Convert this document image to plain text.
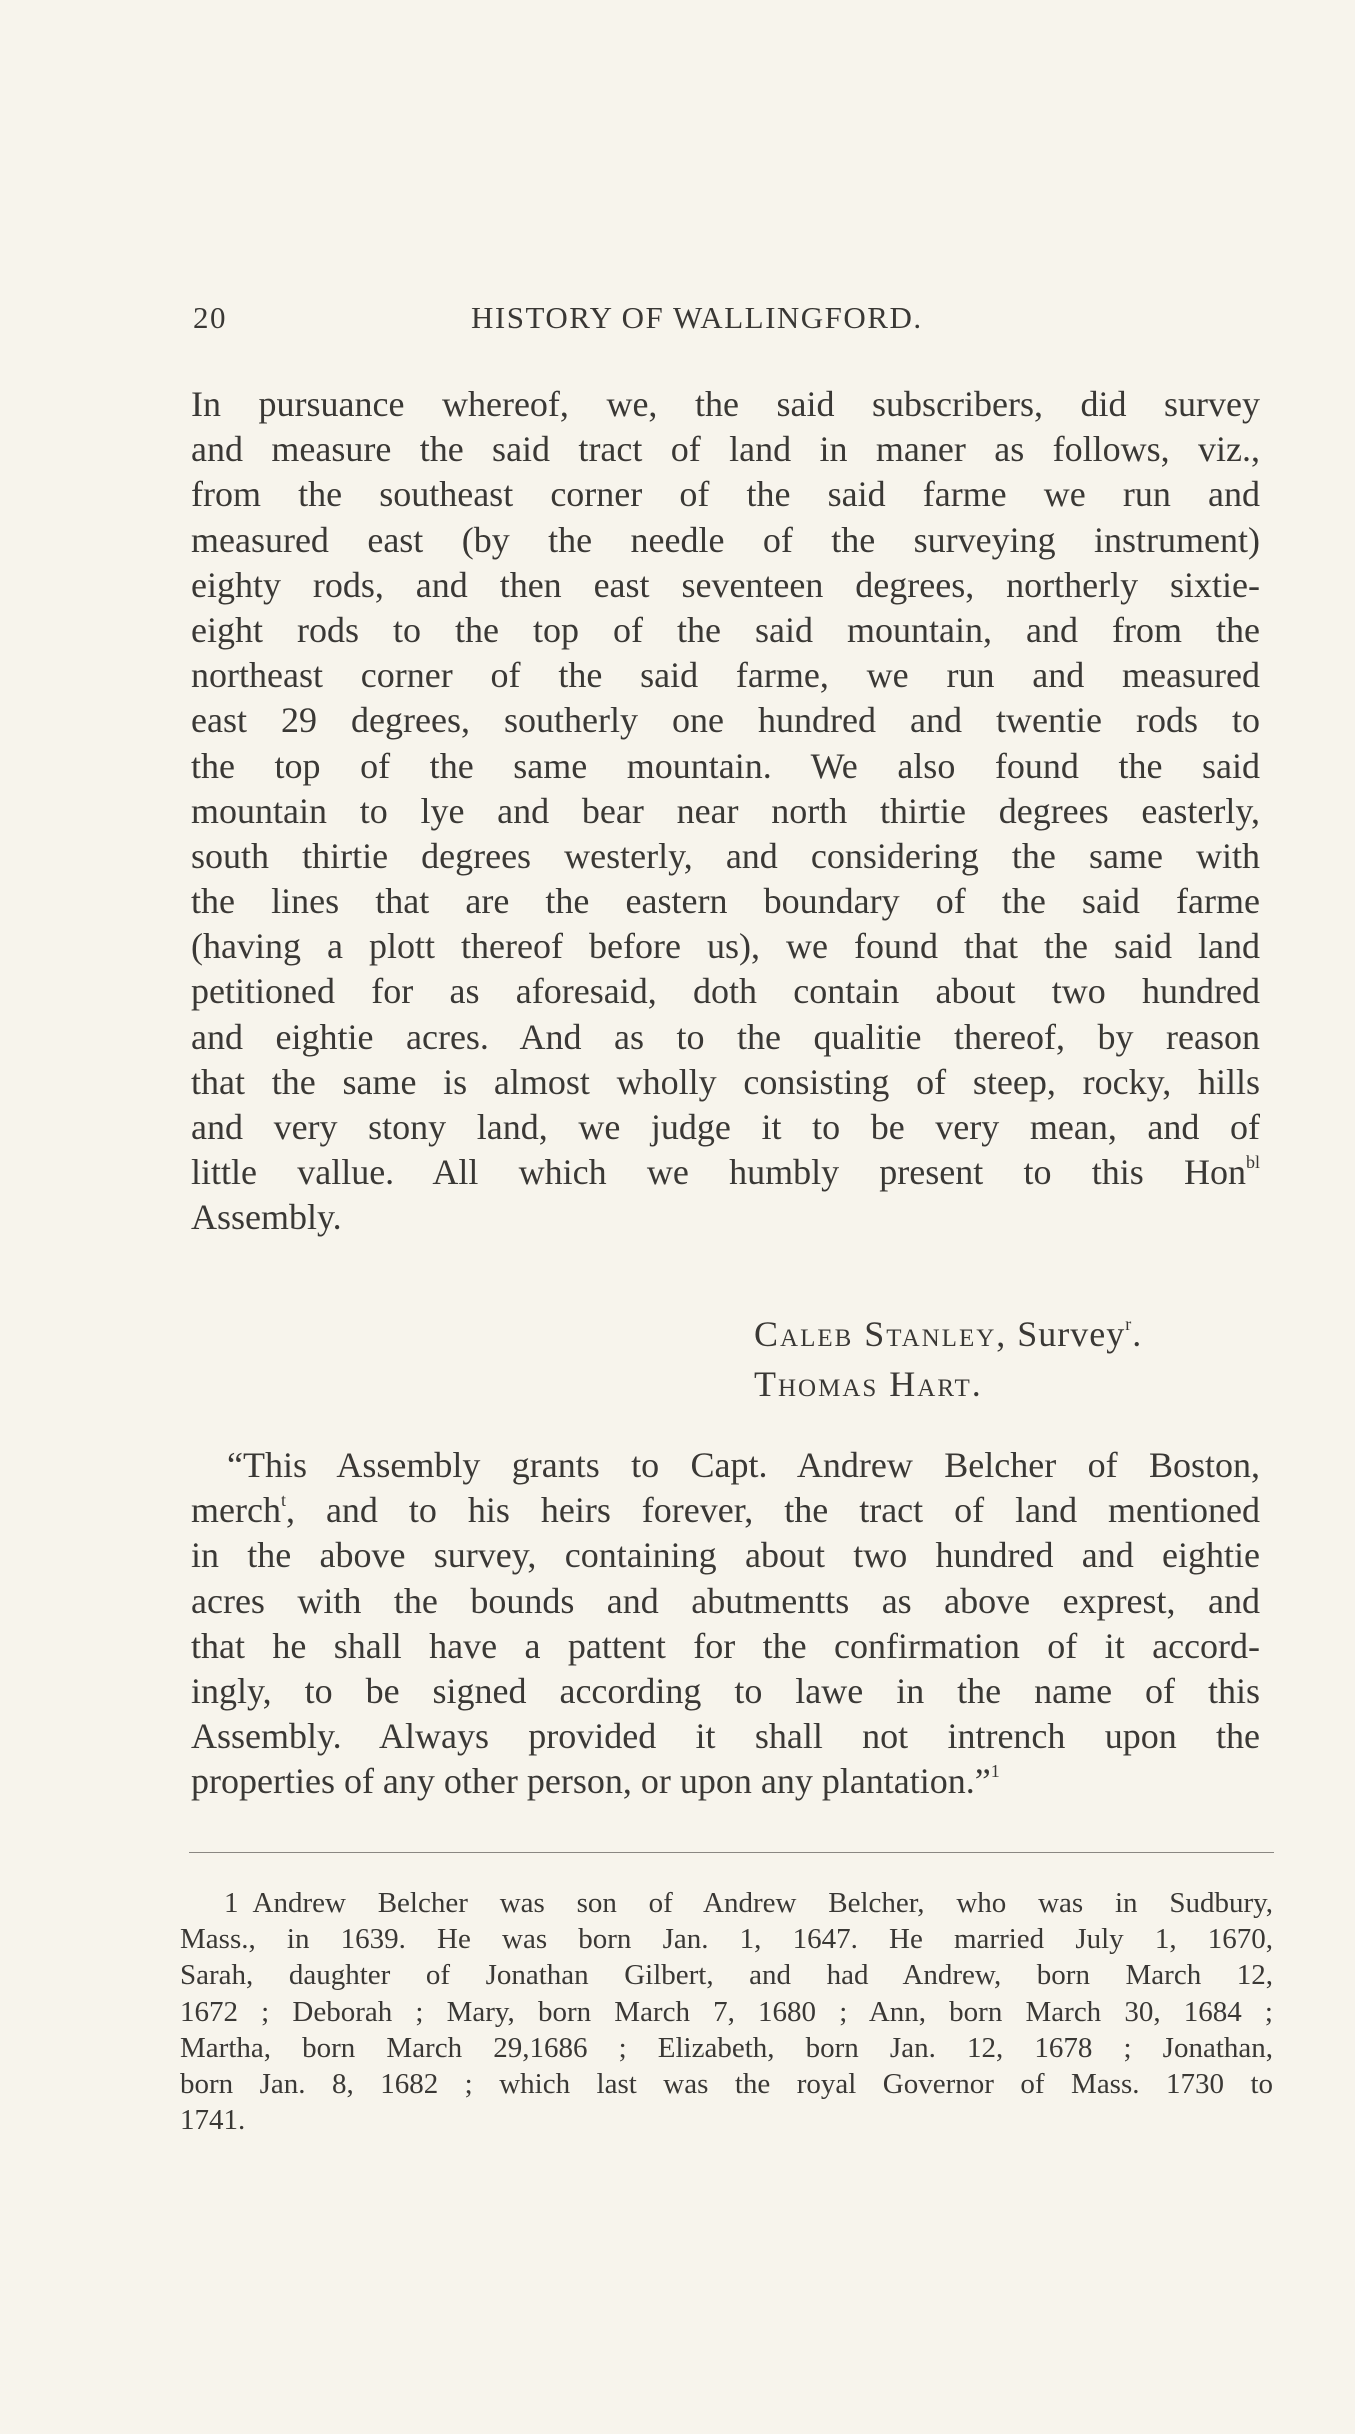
20	HISTORY OF WALLINGFORD.
In pursuance whereof, we, the said subscribers, did survey
and measure the said tract of land in maner as follows, viz.,
from the southeast corner of the said farme we run and
measured east (by the needle of the surveying instrument)
eighty rods, and then east seventeen degrees, northerly sixtie-
eight rods to the top of the said mountain, and from the
northeast corner of the said farme, we run and measured
east 29 degrees, southerly one hundred and twentie rods to
the top of the same mountain. We also found the said
mountain to lye and bear near north thirtie degrees easterly,
south thirtie degrees westerly, and considering the same with
the lines that are the eastern boundary of the said farme
(having a plott thereof before us), we found that the said land
petitioned for as aforesaid, doth contain about two hundred
and eightie acres. And as to the qualitie thereof, by reason
that the same is almost wholly consisting of steep, rocky, hills
and very stony land, we judge it to be very mean, and of
little vallue. All which we humbly present to this Hon$^{bl}$
Assembly.
Caleb Stanley, Survey$^r$.
Thomas Hart.
“This Assembly grants to Capt. Andrew Belcher of Boston,
merch$^t$, and to his heirs forever, the tract of land mentioned
in the above survey, containing about two hundred and eightie
acres with the bounds and abutmentts as above exprest, and
that he shall have a pattent for the confirmation of it accord-
ingly, to be signed according to lawe in the name of this
Assembly. Always provided it shall not intrench upon the
properties of any other person, or upon any plantation.”$^1$
1 Andrew Belcher was son of Andrew Belcher, who was in Sudbury,
Mass., in 1639. He was born Jan. 1, 1647. He married July 1, 1670,
Sarah, daughter of Jonathan Gilbert, and had Andrew, born March 12,
1672 ; Deborah ; Mary, born March 7, 1680 ; Ann, born March 30, 1684 ;
Martha, born March 29,1686 ; Elizabeth, born Jan. 12, 1678 ; Jonathan,
born Jan. 8, 1682 ; which last was the royal Governor of Mass. 1730 to
1741.
